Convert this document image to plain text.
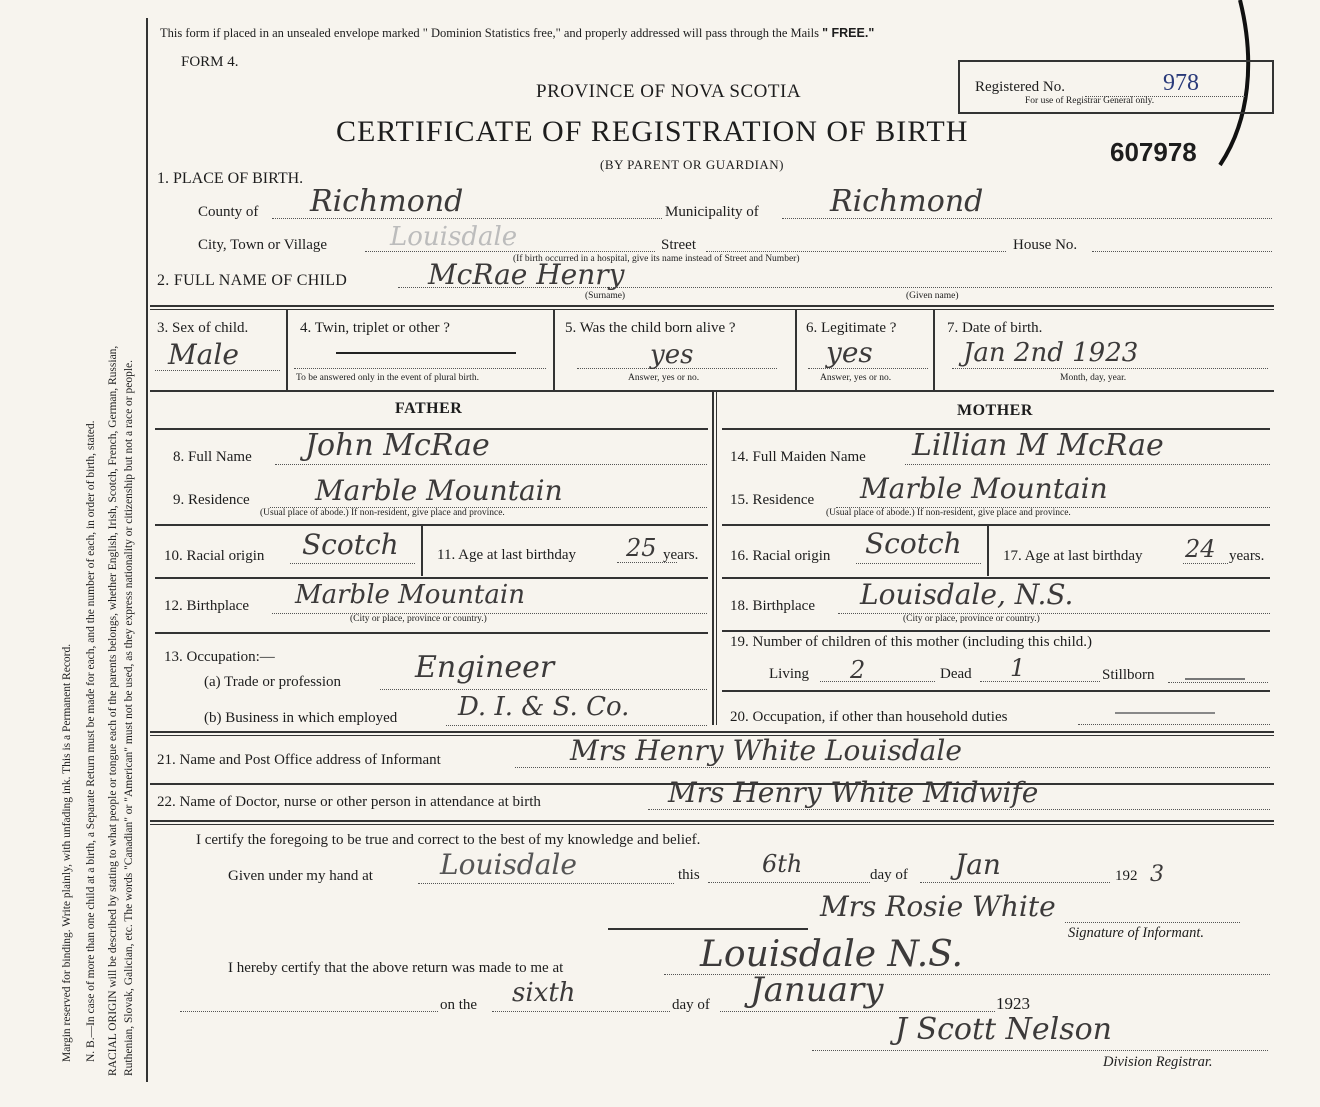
Margin reserved for binding. Write plainly, with unfading ink. This is a Permanent Record. N. B.—In case of more than one child at a birth, a Separate Return must be made for each, and the number of each, in order of birth, stated. RACIAL ORIGIN will be described by stating to what people or tongue each of the parents belongs, whether English, Irish, Scotch, French, German, Russian, Ruthenian, Slovak, Galician, etc. The words "Canadian" or "American" must not be used, as they express nationality or citizenship but not a race or people.
This form if placed in an unsealed envelope marked " Dominion Statistics free," and properly addressed will pass through the Mails " FREE."
FORM 4.
PROVINCE OF NOVA SCOTIA
CERTIFICATE OF REGISTRATION OF BIRTH
(BY PARENT OR GUARDIAN)
Registered No.	978
For use of Registrar General only.
607978
1. PLACE OF BIRTH.
County of Richmond	Municipality of Richmond
City, Town or Village Louisdale	Street	House No.
(If birth occurred in a hospital, give its name instead of Street and Number)
2. FULL NAME OF CHILD	McRae Henry
(Surname)	(Given name)
3. Sex of child.
Male
4. Twin, triplet or other ?
To be answered only in the event of plural birth.
5. Was the child born alive ?
yes
Answer, yes or no.
6. Legitimate ?
yes
Answer, yes or no.
7. Date of birth.
Jan 2nd 1923
Month, day, year.
FATHER	MOTHER
8. Full Name John McRae
9. Residence Marble Mountain
(Usual place of abode.) If non-resident, give place and province.
10. Racial origin Scotch	11. Age at last birthday 25 years.
12. Birthplace Marble Mountain
(City or place, province or country.)
13. Occupation:—
(a) Trade or profession Engineer
(b) Business in which employed D. I. & S. Co.
14. Full Maiden Name Lillian M McRae
15. Residence Marble Mountain
(Usual place of abode.) If non-resident, give place and province.
16. Racial origin Scotch	17. Age at last birthday 24 years.
18. Birthplace Louisdale, N.S.
(City or place, province or country.)
19. Number of children of this mother (including this child.)
Living 2	Dead 1	Stillborn
20. Occupation, if other than household duties
21. Name and Post Office address of Informant	Mrs Henry White Louisdale
22. Name of Doctor, nurse or other person in attendance at birth	Mrs Henry White Midwife
I certify the foregoing to be true and correct to the best of my knowledge and belief.
Given under my hand at Louisdale	this	6th	day of Jan	192 3
Mrs Rosie White
Signature of Informant.
I hereby certify that the above return was made to me at	Louisdale N.S.
on the sixth	day of January	1923
J Scott Nelson
Division Registrar.
